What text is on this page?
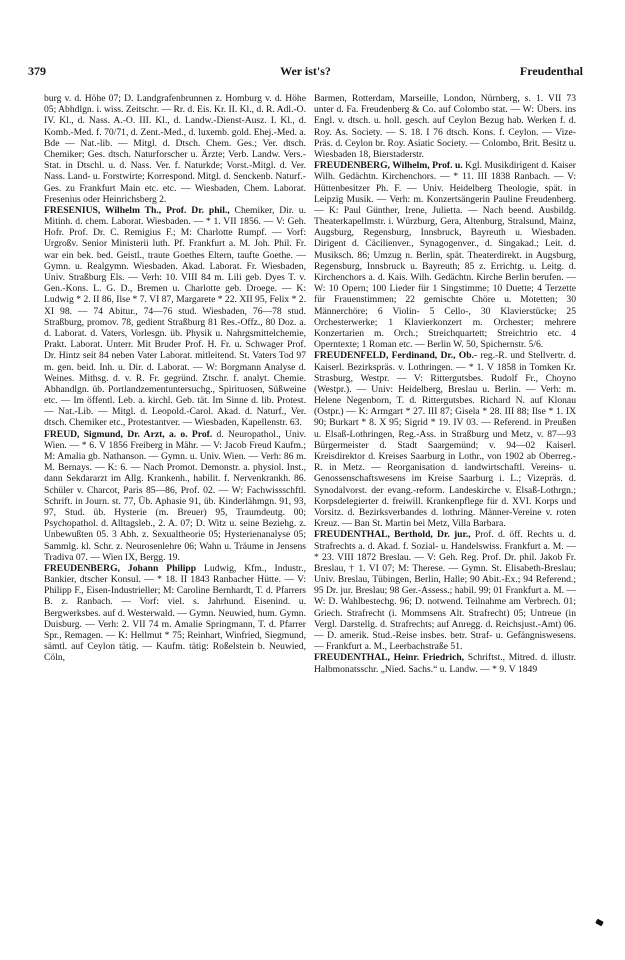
379	Wer ist's?	Freudenthal

burg v. d. Höhe 07; D. Landgrafenbrunnen z. Homburg v. d. Höhe 05; Abhdlgn. i. wiss. Zeitschr. — Rr. d. Eis. Kr. II. Kl., d. R. Adl.-O. IV. Kl., d. Nass. A.-O. III. Kl., d. Landw.-Dienst-Ausz. I. Kl., d. Komb.-Med. f. 70/71, d. Zent.-Med., d. luxemb. gold. Ehej.-Med. a. Bde — Nat.-lib. — Mitgl. d. Dtsch. Chem. Ges.; Ver. dtsch. Chemiker; Ges. dtsch. Naturforscher u. Ärzte; Verb. Landw. Vers.-Stat. in Dtschl. u. d. Nass. Ver. f. Naturkde; Vorst.-Mitgl. d. Ver. Nass. Land- u. Forstwirte; Korrespond. Mitgl. d. Senckenb. Naturf.-Ges. zu Frankfurt Main etc. etc. — Wiesbaden, Chem. Laborat. Fresenius oder Heinrichsberg 2.

FRESENIUS, Wilhelm Th., Prof. Dr. phil., Chemiker, Dir. u. Mitinh. d. chem. Laborat. Wiesbaden. — * 1. VII 1856. — V: Geh. Hofr. Prof. Dr. C. Remigius F.; M: Charlotte Rumpf. — Vorf: Urgroßv. Senior Ministerii luth. Pf. Frankfurt a. M. Joh. Phil. Fr. war ein bek. bed. Geistl., traute Goethes Eltern, taufte Goethe. — Gymn. u. Realgymn. Wiesbaden. Akad. Laborat. Fr. Wiesbaden, Univ. Straßburg Els. — Verh: 10. VIII 84 m. Lili geb. Dyes T. v. Gen.-Kons. L. G. D., Bremen u. Charlotte geb. Droege. — K: Ludwig * 2. II 86, Ilse * 7. VI 87, Margarete * 22. XII 95, Felix * 2. XI 98. — 74 Abitur., 74—76 stud. Wiesbaden, 76—78 stud. Straßburg, promov. 78, gedient Straßburg 81 Res.-Offz., 80 Doz. a. d. Laborat. d. Vaters, Vorlesgn. üb. Physik u. Nahrgsmittelchemie, Prakt. Laborat. Unterr. Mit Bruder Prof. H. Fr. u. Schwager Prof. Dr. Hintz seit 84 neben Vater Laborat. mitleitend. St. Vaters Tod 97 m. gen. beid. Inh. u. Dir. d. Laborat. — W: Borgmann Analyse d. Weines. Mithsg. d. v. R. Fr. gegründ. Ztschr. f. analyt. Chemie. Abhandlgn. üb. Portlandzementuntersuchg., Spirituosen, Süßweine etc. — Im öffentl. Leb. a. kirchl. Geb. tät. Im Sinne d. lib. Protest. — Nat.-Lib. — Mitgl. d. Leopold.-Carol. Akad. d. Naturf., Ver. dtsch. Chemiker etc., Protestantver. — Wiesbaden, Kapellenstr. 63.

FREUD, Sigmund, Dr. Arzt, a. o. Prof. d. Neuropathol., Univ. Wien. — * 6. V 1856 Freiberg in Mähr. — V: Jacob Freud Kaufm.; M: Amalia gb. Nathanson. — Gymn. u. Univ. Wien. — Verh: 86 m. M. Bernays. — K: 6. — Nach Promot. Demonstr. a. physiol. Inst., dann Sekdararzt im Allg. Krankenh., habilit. f. Nervenkrankh. 86. Schüler v. Charcot, Paris 85—86, Prof. 02. — W: Fachwissschftl. Schrift. in Journ. st. 77, Üb. Aphasie 91, üb. Kinderlähmgn. 91, 93, 97, Stud. üb. Hysterie (m. Breuer) 95, Traumdeutg. 00; Psychopathol. d. Alltagsleb., 2. A. 07; D. Witz u. seine Beziehg. z. Unbewußten 05. 3 Abh. z. Sexualtheorie 05; Hysterienanalyse 05; Sammlg. kl. Schr. z. Neurosenlehre 06; Wahn u. Träume in Jensens Tradiva 07. — Wien IX, Bergg. 19.

FREUDENBERG, Johann Philipp Ludwig, Kfm., Industr., Bankier, dtscher Konsul. — * 18. II 1843 Ranbacher Hütte. — V: Philipp F., Eisen-Industrieller; M: Caroline Bernhardt, T. d. Pfarrers B. z. Ranbach. — Vorf: viel. s. Jahrhund. Eisenind. u. Bergwerksbes. auf d. Westerwald. — Gymn. Neuwied, hum. Gymn. Duisburg. — Verh: 2. VII 74 m. Amalie Springmann, T. d. Pfarrer Spr., Remagen. — K: Hellmut * 75; Reinhart, Winfried, Siegmund, sämtl. auf Ceylon tätig. — Kaufm. tätig: Roßelstein b. Neuwied, Cöln,

Barmen, Rotterdam, Marseille, London, Nürnberg, s. 1. VII 73 unter d. Fa. Freudenberg & Co. auf Colombo stat. — W: Übers. ins Engl. v. dtsch. u. holl. gesch. auf Ceylon Bezug hab. Werken f. d. Roy. As. Society. — S. 18. I 76 dtsch. Kons. f. Ceylon. — Vize-Präs. d. Ceylon br. Roy. Asiatic Society. — Colombo, Brit. Besitz u. Wiesbaden 18, Bierstaderstr.

FREUDENBERG, Wilhelm, Prof. u. Kgl. Musikdirigent d. Kaiser Wilh. Gedächtn. Kirchenchors. — * 11. III 1838 Ranbach. — V: Hüttenbesitzer Ph. F. — Univ. Heidelberg Theologie, spät. in Leipzig Musik. — Verh: m. Konzertsängerin Pauline Freudenberg. — K: Paul Günther, Irene, Julietta. — Nach beend. Ausbildg. Theaterkapellmstr. i. Würzburg, Gera, Altenburg, Stralsund, Mainz, Augsburg, Regensburg, Innsbruck, Bayreuth u. Wiesbaden. Dirigent d. Cäcilienver., Synagogenver., d. Singakad.; Leit. d. Musiksch. 86; Umzug n. Berlin, spät. Theaterdirekt. in Augsburg, Regensburg, Innsbruck u. Bayreuth; 85 z. Errichtg. u. Leitg. d. Kirchenchors a. d. Kais. Wilh. Gedächtn. Kirche Berlin berufen. —W: 10 Opern; 100 Lieder für 1 Singstimme; 10 Duette; 4 Terzette für Frauenstimmen; 22 gemischte Chöre u. Motetten; 30 Männerchöre; 6 Violin- 5 Cello-, 30 Klavierstücke; 25 Orchesterwerke; 1 Klavierkonzert m. Orchester; mehrere Konzertarien m. Orch.; Streichquartett; Streichtrio etc. 4 Operntexte; 1 Roman etc. — Berlin W. 50, Spichernstr. 5/6.

FREUDENFELD, Ferdinand, Dr., Ob.- reg.-R. und Stellvertr. d. Kaiserl. Bezirkspräs. v. Lothringen. — * 1. V 1858 in Tomken Kr. Strasburg, Westpr. — V: Rittergutsbes. Rudolf Fr., Choyno (Westpr.). — Univ: Heidelberg, Breslau u. Berlin. — Verh: m. Helene Negenborn, T. d. Rittergutsbes. Richard N. auf Klonau (Ostpr.) — K: Armgart * 27. III 87; Gisela * 28. III 88; Ilse * 1. IX 90; Burkart * 8. X 95; Sigrid * 19. IV 03. — Referend. in Preußen u. Elsaß-Lothringen, Reg.-Ass. in Straßburg und Metz, v. 87—93 Bürgermeister d. Stadt Saargemünd; v. 94—02 Kaiserl. Kreisdirektor d. Kreises Saarburg in Lothr., von 1902 ab Oberreg.-R. in Metz. — Reorganisation d. landwirtschaftl. Vereins- u. Genossenschaftswesens im Kreise Saarburg i. L.; Vizepräs. d. Synodalvorst. der evang.-reform. Landeskirche v. Elsaß-Lothrgn.; Korpsdelegierter d. freiwill. Krankenpflege für d. XVI. Korps und Vorsitz. d. Bezirksverbandes d. lothring. Männer-Vereine v. roten Kreuz. — Ban St. Martin bei Metz, Villa Barbara.

FREUDENTHAL, Berthold, Dr. jur., Prof. d. öff. Rechts u. d. Strafrechts a. d. Akad. f. Sozial- u. Handelswiss. Frankfurt a. M. — * 23. VIII 1872 Breslau. — V: Geh. Reg. Prof. Dr. phil. Jakob Fr. Breslau, † 1. VI 07; M: Therese. — Gymn. St. Elisabeth-Breslau; Univ. Breslau, Tübingen, Berlin, Halle; 90 Abit.-Ex.; 94 Referend.; 95 Dr. jur. Breslau; 98 Ger.-Assess.; habil. 99; 01 Frankfurt a. M. — W: D. Wahlbestechg. 96; D. notwend. Teilnahme am Verbrech. 01; Griech. Strafrecht (i. Mommsens Alt. Strafrecht) 05; Untreue (in Vergl. Darstellg. d. Strafrechts; auf Anregg. d. Reichsjust.-Amt) 06. — D. amerik. Stud.-Reise insbes. betr. Straf- u. Gefängniswesens. — Frankfurt a. M., Leerbachstraße 51.

FREUDENTHAL, Heinr. Friedrich, Schriftst., Mitred. d. illustr. Halbmonatsschr. „Nied. Sachs.“ u. Landw. — * 9. V 1849
